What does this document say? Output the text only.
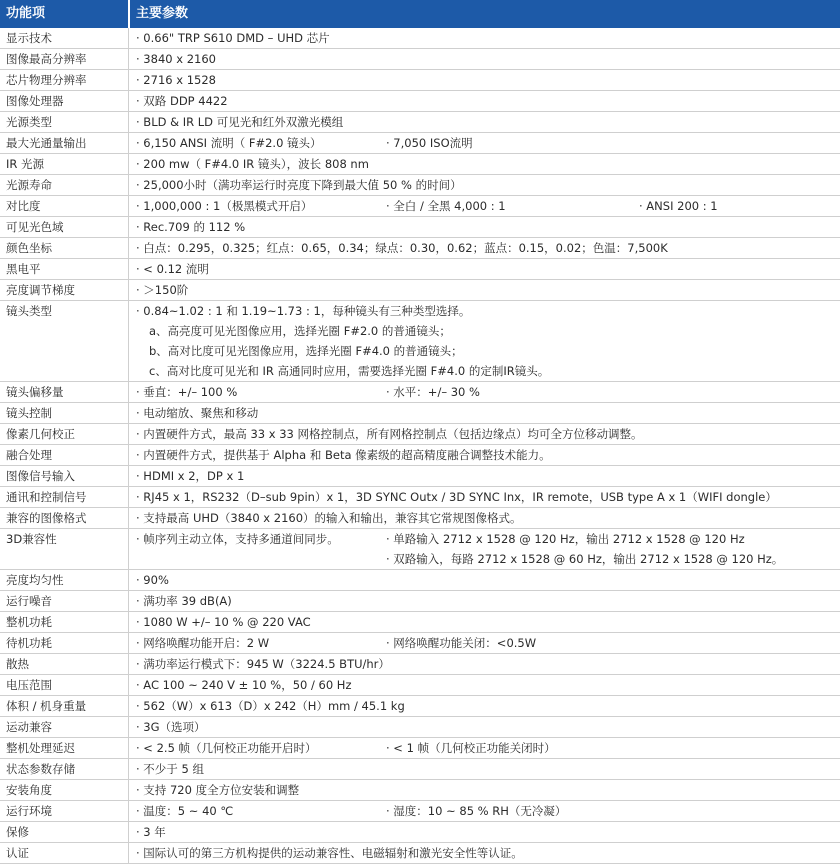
功能项	主要参数
显示技术	· 0.66" TRP S610 DMD – UHD 芯片
图像最高分辨率	· 3840 x 2160
芯片物理分辨率	· 2716 x 1528
图像处理器	· 双路 DDP 4422
光源类型	· BLD & IR LD 可见光和红外双激光模组
最大光通量输出	· 6,150 ANSI 流明（ F#2.0 镜头）	· 7,050 ISO流明
IR 光源	· 200 mw（ F#4.0 IR 镜头），波长 808 nm
光源寿命	· 25,000小时（满功率运行时亮度下降到最大值 50 % 的时间）
对比度	· 1,000,000 : 1（极黑模式开启）	· 全白 / 全黑 4,000 : 1	· ANSI 200 : 1
可见光色域	· Rec.709 的 112 %
颜色坐标	· 白点：0.295，0.325；红点：0.65，0.34；绿点：0.30，0.62；蓝点：0.15，0.02；色温：7,500K
黑电平	· < 0.12 流明
亮度调节梯度	· ＞150阶
镜头类型	· 0.84~1.02 : 1 和 1.19~1.73 : 1，每种镜头有三种类型选择。
a、高亮度可见光图像应用，选择光圈 F#2.0 的普通镜头；
b、高对比度可见光图像应用，选择光圈 F#4.0 的普通镜头；
c、高对比度可见光和 IR 高通同时应用，需要选择光圈 F#4.0 的定制IR镜头。
镜头偏移量	· 垂直：+/– 100 %	· 水平：+/– 30 %
镜头控制	· 电动缩放、聚焦和移动
像素几何校正	· 内置硬件方式，最高 33 x 33 网格控制点，所有网格控制点（包括边缘点）均可全方位移动调整。
融合处理	· 内置硬件方式，提供基于 Alpha 和 Beta 像素级的超高精度融合调整技术能力。
图像信号输入	· HDMI x 2，DP x 1
通讯和控制信号	· RJ45 x 1，RS232（D–sub 9pin）x 1，3D SYNC Outx / 3D SYNC Inx，IR remote，USB type A x 1（WIFI dongle）
兼容的图像格式	· 支持最高 UHD（3840 x 2160）的输入和输出，兼容其它常规图像格式。
3D兼容性	· 帧序列主动立体，支持多通道间同步。	· 单路输入 2712 x 1528 @ 120 Hz，输出 2712 x 1528 @ 120 Hz
· 双路输入，每路 2712 x 1528 @ 60 Hz，输出 2712 x 1528 @ 120 Hz。
亮度均匀性	· 90%
运行噪音	· 满功率 39 dB(A)
整机功耗	· 1080 W +/– 10 % @ 220 VAC
待机功耗	· 网络唤醒功能开启：2 W	· 网络唤醒功能关闭：<0.5W
散热	· 满功率运行模式下：945 W（3224.5 BTU/hr）
电压范围	· AC 100 ~ 240 V ± 10 %，50 / 60 Hz
体积 / 机身重量	· 562（W）x 613（D）x 242（H）mm / 45.1 kg
运动兼容	· 3G（选项）
整机处理延迟	· < 2.5 帧（几何校正功能开启时）	· < 1 帧（几何校正功能关闭时）
状态参数存储	· 不少于 5 组
安装角度	· 支持 720 度全方位安装和调整
运行环境	· 温度：5 ~ 40 ℃	· 湿度：10 ~ 85 % RH（无冷凝）
保修	· 3 年
认证	· 国际认可的第三方机构提供的运动兼容性、电磁辐射和激光安全性等认证。
